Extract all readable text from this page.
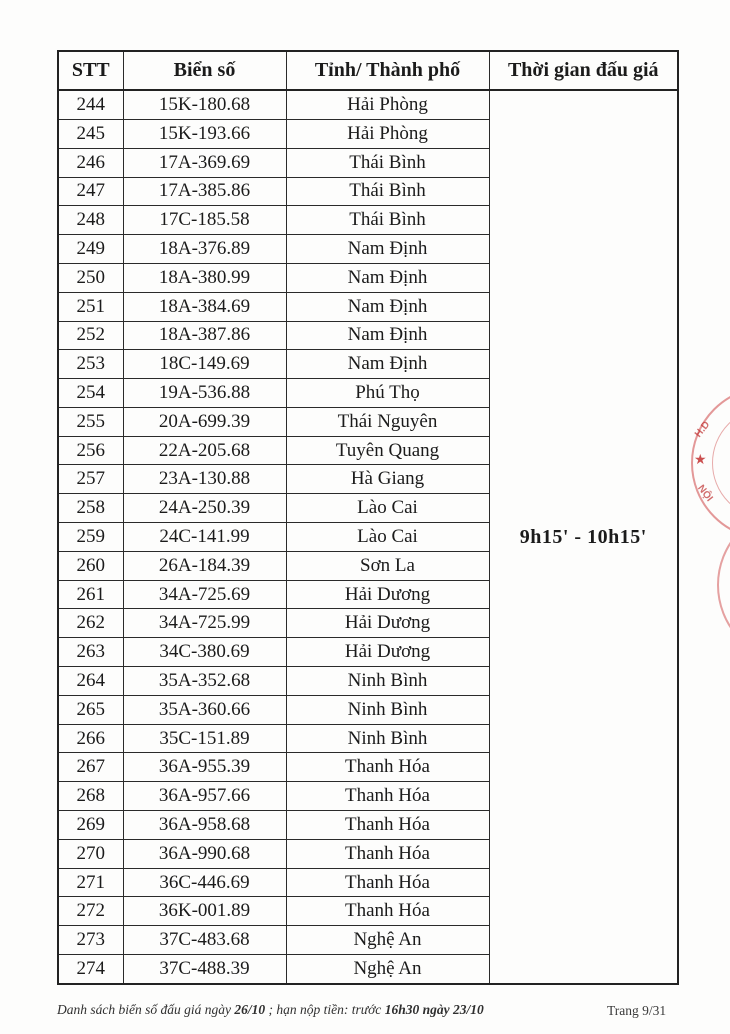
STT	Biển số	Tỉnh/ Thành phố	Thời gian đấu giá
244	15K-180.68	Hải Phòng	9h15' - 10h15'
245	15K-193.66	Hải Phòng	
246	17A-369.69	Thái Bình	
247	17A-385.86	Thái Bình	
248	17C-185.58	Thái Bình	
249	18A-376.89	Nam Định	
250	18A-380.99	Nam Định	
251	18A-384.69	Nam Định	
252	18A-387.86	Nam Định	
253	18C-149.69	Nam Định	
254	19A-536.88	Phú Thọ	
255	20A-699.39	Thái Nguyên	
256	22A-205.68	Tuyên Quang	
257	23A-130.88	Hà Giang	
258	24A-250.39	Lào Cai	
259	24C-141.99	Lào Cai	
260	26A-184.39	Sơn La	
261	34A-725.69	Hải Dương	
262	34A-725.99	Hải Dương	
263	34C-380.69	Hải Dương	
264	35A-352.68	Ninh Bình	
265	35A-360.66	Ninh Bình	
266	35C-151.89	Ninh Bình	
267	36A-955.39	Thanh Hóa	
268	36A-957.66	Thanh Hóa	
269	36A-958.68	Thanh Hóa	
270	36A-990.68	Thanh Hóa	
271	36C-446.69	Thanh Hóa	
272	36K-001.89	Thanh Hóa	
273	37C-483.68	Nghệ An	
274	37C-488.39	Nghệ An	
★
H.D
NỘI
Danh sách biển số đấu giá ngày 26/10 ; hạn nộp tiền: trước 16h30 ngày 23/10	Trang 9/31
